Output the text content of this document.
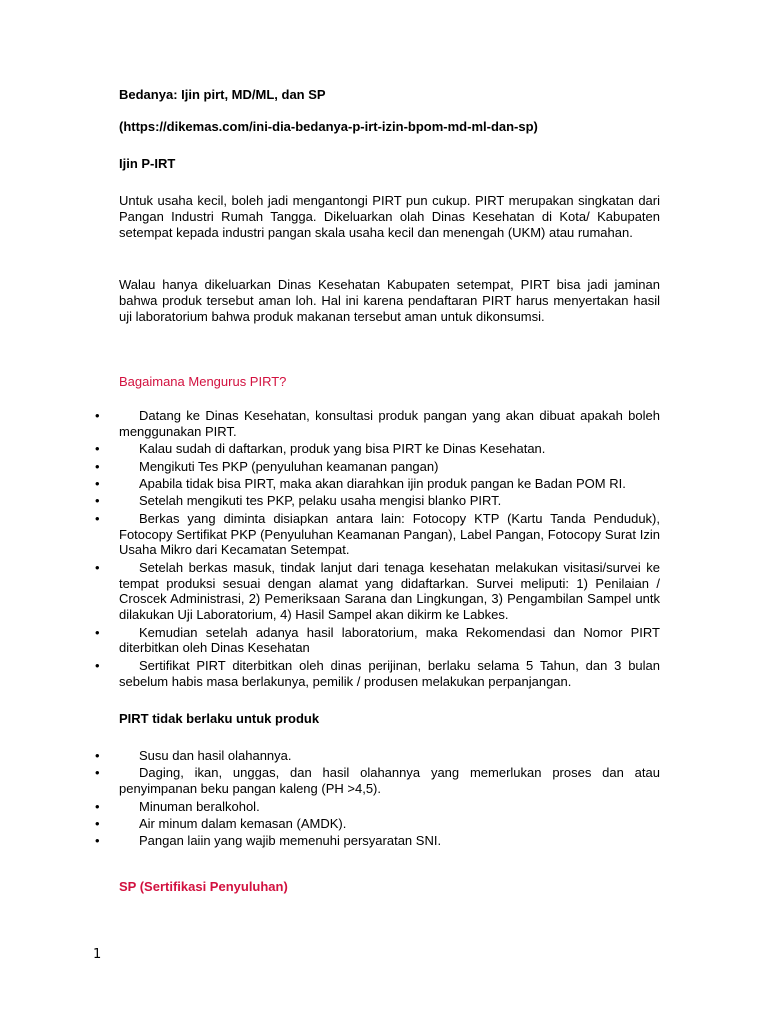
Bedanya: Ijin pirt, MD/ML, dan SP

(https://dikemas.com/ini-dia-bedanya-p-irt-izin-bpom-md-ml-dan-sp)

Ijin P-IRT

Untuk usaha kecil, boleh jadi mengantongi PIRT pun cukup. PIRT merupakan singkatan dari Pangan Industri Rumah Tangga. Dikeluarkan olah Dinas Kesehatan di Kota/ Kabupaten setempat kepada industri pangan skala usaha kecil dan menengah (UKM) atau rumahan.

Walau hanya dikeluarkan Dinas Kesehatan Kabupaten setempat, PIRT bisa jadi jaminan bahwa produk tersebut aman loh. Hal ini karena pendaftaran PIRT harus menyertakan hasil uji laboratorium bahwa produk makanan tersebut aman untuk dikonsumsi.

Bagaimana Mengurus PIRT?

•	Datang ke Dinas Kesehatan, konsultasi produk pangan yang akan dibuat apakah boleh menggunakan PIRT.
•	Kalau sudah di daftarkan, produk yang bisa PIRT ke Dinas Kesehatan.
•	Mengikuti Tes PKP (penyuluhan keamanan pangan)
•	Apabila tidak bisa PIRT, maka akan diarahkan ijin produk pangan ke Badan POM RI.
•	Setelah mengikuti tes PKP, pelaku usaha mengisi blanko PIRT.
•	Berkas yang diminta disiapkan antara lain: Fotocopy KTP (Kartu Tanda Penduduk), Fotocopy Sertifikat PKP (Penyuluhan Keamanan Pangan), Label Pangan, Fotocopy Surat Izin Usaha Mikro dari Kecamatan Setempat.
•	Setelah berkas masuk, tindak lanjut dari tenaga kesehatan melakukan visitasi/survei ke tempat produksi sesuai dengan alamat yang didaftarkan. Survei meliputi: 1) Penilaian / Croscek Administrasi, 2) Pemeriksaan Sarana dan Lingkungan, 3) Pengambilan Sampel untk dilakukan Uji Laboratorium, 4) Hasil Sampel akan dikirm ke Labkes.
•	Kemudian setelah adanya hasil laboratorium, maka Rekomendasi dan Nomor PIRT diterbitkan oleh Dinas Kesehatan
•	Sertifikat PIRT diterbitkan oleh dinas perijinan, berlaku selama 5 Tahun, dan 3 bulan sebelum habis masa berlakunya, pemilik / produsen melakukan perpanjangan.

PIRT tidak berlaku untuk produk

•	Susu dan hasil olahannya.
•	Daging, ikan, unggas, dan hasil olahannya yang memerlukan proses dan atau penyimpanan beku pangan kaleng (PH >4,5).
•	Minuman beralkohol.
•	Air minum dalam kemasan (AMDK).
•	Pangan laiin yang wajib memenuhi persyaratan SNI.

SP (Sertifikasi Penyuluhan)

1
